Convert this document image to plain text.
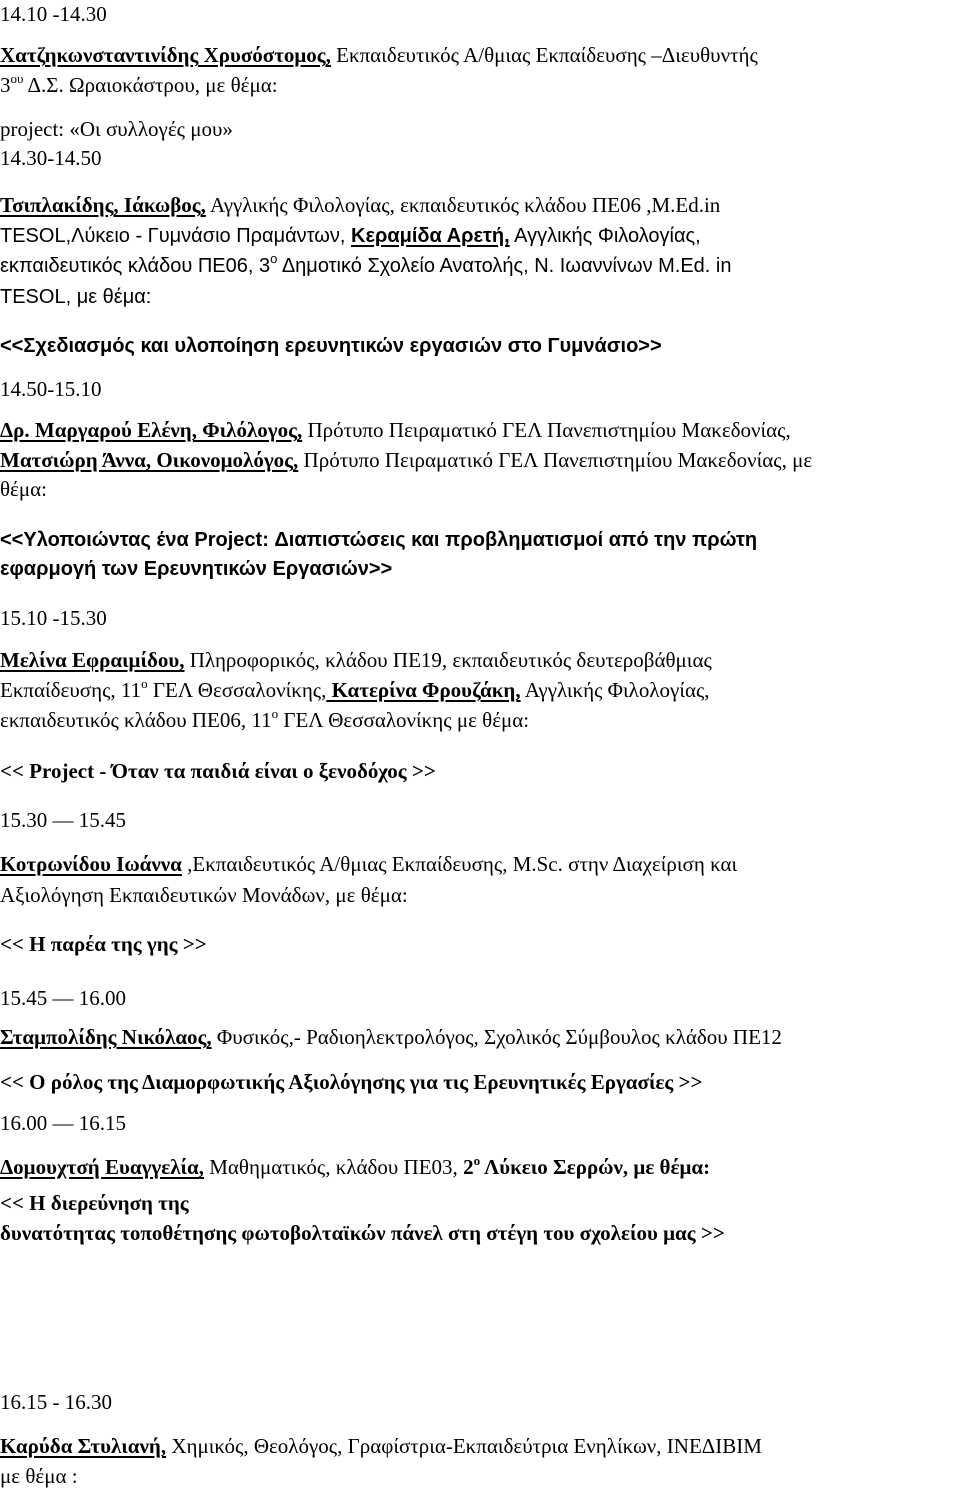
14.10 -14.30
Χατζηκωνσταντινίδης Χρυσόστομος, Εκπαιδευτικός Α/θμιας Εκπαίδευσης –Διευθυντής
$3^{o\upsilon}$ Δ.Σ. Ωραιοκάστρου, με θέμα:
project: «Οι συλλογές μου»
14.30-14.50
Τσιπλακίδης, Ιάκωβος, Αγγλικής Φιλολογίας, εκπαιδευτικός κλάδου ΠΕ06 ,M.Ed.in
TESOL,Λύκειο - Γυμνάσιο Πραμάντων, Κεραμίδα Αρετή, Αγγλικής Φιλολογίας,
εκπαιδευτικός κλάδου ΠΕ06, $3^o$ Δημοτικό Σχολείο Ανατολής, Ν. Ιωαννίνων M.Ed. in
TESOL, με θέμα:
<<Σχεδιασμός και υλοποίηση ερευνητικών εργασιών στο Γυμνάσιο>>
14.50-15.10
Δρ. Μαργαρού Ελένη, Φιλόλογος, Πρότυπο Πειραματικό ΓΕΛ Πανεπιστημίου Μακεδονίας,
Ματσιώρη Άννα, Οικονομολόγος, Πρότυπο Πειραματικό ΓΕΛ Πανεπιστημίου Μακεδονίας, με
θέμα:
<<Υλοποιώντας ένα Project: Διαπιστώσεις και προβληματισμοί από την πρώτη
εφαρμογή των Ερευνητικών Εργασιών>>
15.10 -15.30
Μελίνα Εφραιμίδου, Πληροφορικός, κλάδου ΠΕ19, εκπαιδευτικός δευτεροβάθμιας
Εκπαίδευσης, $11^o$ ΓΕΛ Θεσσαλονίκης, Κατερίνα Φρουζάκη, Αγγλικής Φιλολογίας,
εκπαιδευτικός κλάδου ΠΕ06, $11^o$ ΓΕΛ Θεσσαλονίκης με θέμα:
<< Project - Όταν τα παιδιά είναι ο ξενοδόχος >>
15.30 — 15.45
Κοτρωνίδου Ιωάννα ,Εκπαιδευτικός Α/θμιας Εκπαίδευσης, M.Sc. στην Διαχείριση και
Αξιολόγηση Εκπαιδευτικών Μονάδων, με θέμα:
<< Η παρέα της γης >>
15.45 — 16.00
Σταμπολίδης Νικόλαος, Φυσικός,- Ραδιοηλεκτρολόγος, Σχολικός Σύμβουλος κλάδου ΠΕ12
<< Ο ρόλος της Διαμορφωτικής Αξιολόγησης για τις Ερευνητικές Εργασίες >>
16.00 — 16.15
Δομουχτσή Ευαγγελία, Μαθηματικός, κλάδου ΠΕ03, $2^o$ Λύκειο Σερρών, με θέμα:
<< Η διερεύνηση της
δυνατότητας τοποθέτησης φωτοβολταϊκών πάνελ στη στέγη του σχολείου μας >>
16.15 - 16.30
Καρύδα Στυλιανή, Χημικός, Θεολόγος, Γραφίστρια-Εκπαιδεύτρια Ενηλίκων, ΙΝΕΔΙΒΙΜ
με θέμα :
